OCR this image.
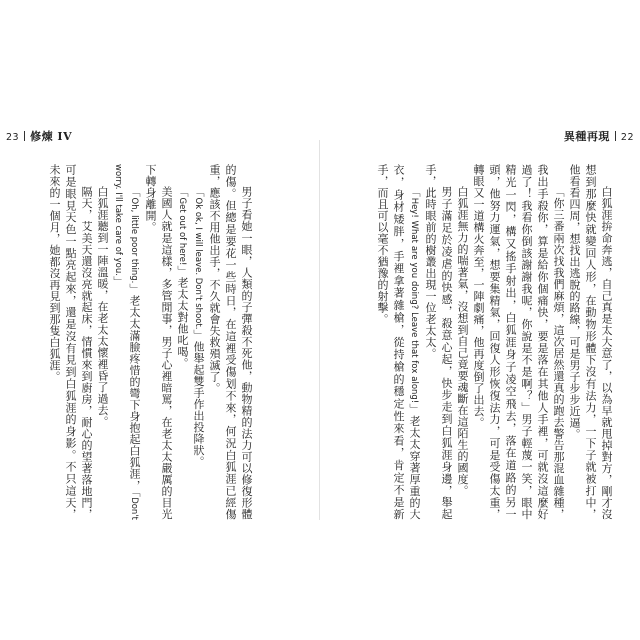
23 修煉 IV

男子看她一眼，人類的子彈殺不死他，動物精的法力可以修復形體的傷。但總是要花一些時日，在這裡受傷划不來，何況白狐涯已經傷重，應該不用他出手，不久就會失救殞滅了。

「Ok ok, I will leave. Don't shoot.」他舉起雙手作出投降狀。

「Get out of here!」老太太對他叱喝。

美國人就是這樣，多管閒事，男子心裡暗罵，在老太太嚴厲的目光下轉身離開。

「Oh, little poor thing.」老太太滿臉疼惜的彎下身抱起白狐涯，「Don't worry. I'll take care of you.」

白狐涯聽到一陣溫暖，在老太太懷裡昏了過去。

隔天，艾美天還沒亮就起床，情慣來到廚房，耐心的望著落地門，可是眼見天色一點亮起來，還是沒有見到白狐涯的身影。不只這天，未來的一個月，她都沒再見到那隻白狐涯。

異種再現 22

白狐涯拚命奔逃，自己真是太大意了，以為早就甩掉對方，剛才沒想到那麼快就變回人形，在動物形體下沒有法力，一下子就被打中，他看看四周，想找出逃脫的路線，可是男子步步近逼。

「你三番兩次找我們麻煩，這次居然還真的跑去警告那混血雜種，我出手殺你，算是給你個痛快，要是落在其他人手裡，可就沒這麼好過了！我看你倒該謝謝我呢，你說是不是啊？」男子輕蔑一笑，眼中精光一閃，構又搖手射出，白狐涯身子凌空飛去，落在道路的另一頭，他努力運氣，想要集精氣，回復人形恢復法力，可是受傷太重，轉眼又一道構火奔至，一陣劇痛，他再度倒了出去。

白狐涯無力的喘著氣，沒想到自己竟要魂斷在這陌生的國度。

男子滿足於凌虐的快感，殺意心起，快步走到白狐涯身邊，舉起手，此時眼前的樹叢出現一位老太太。

「Hey! What are you doing? Leave that fox along!」老太太穿著厚重的大衣，身材矮胖，手裡拿著雜槍，從持槍的穩定性來看，肯定不是新手，而且可以毫不猶豫的射擊。
